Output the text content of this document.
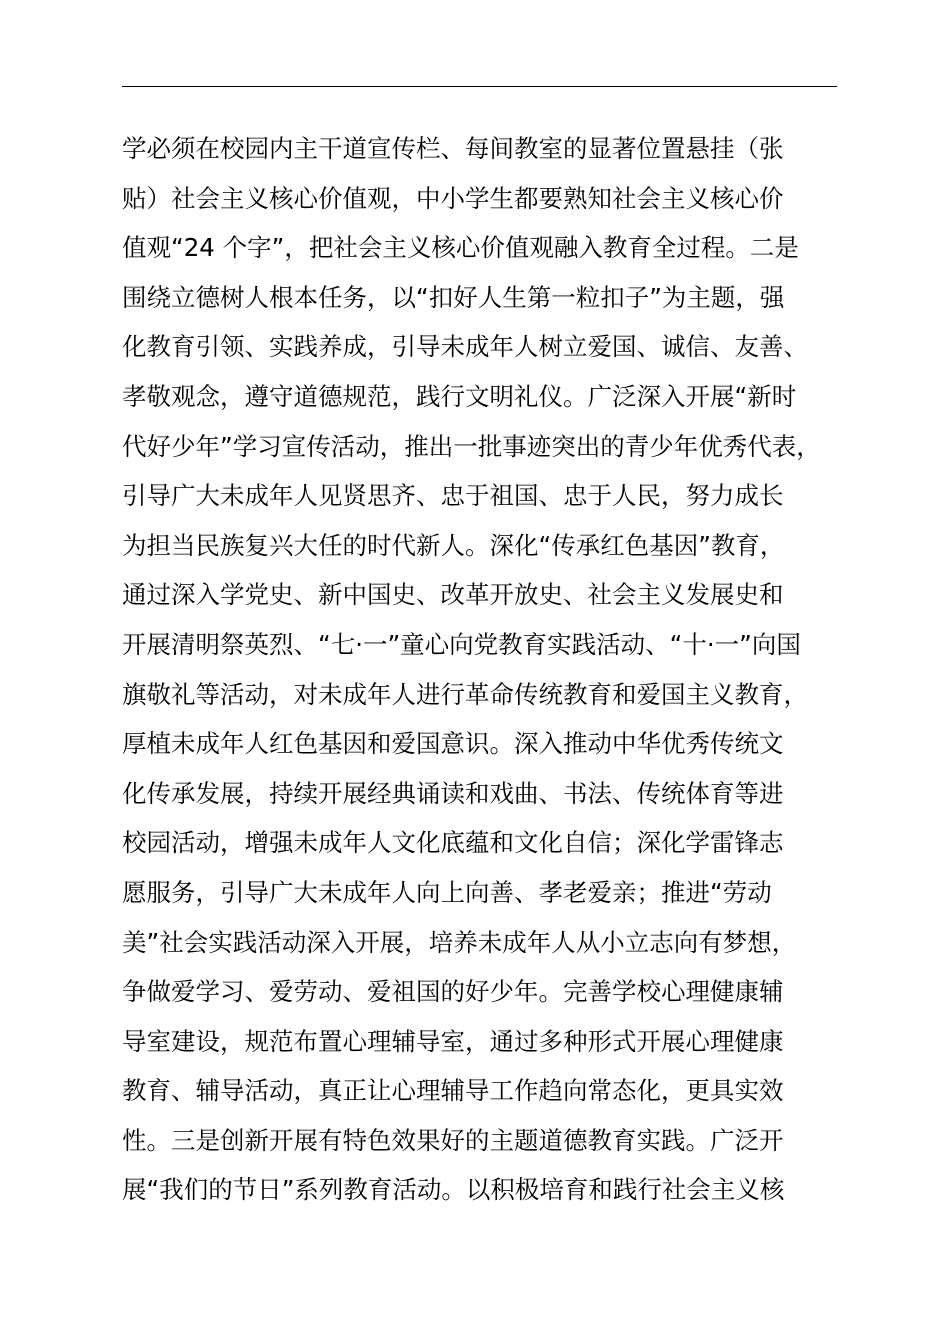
学必须在校园内主干道宣传栏、每间教室的显著位置悬挂（张
贴）社会主义核心价值观，中小学生都要熟知社会主义核心价
值观“24 个字”，把社会主义核心价值观融入教育全过程。二是
围绕立德树人根本任务，以“扣好人生第一粒扣子”为主题，强
化教育引领、实践养成，引导未成年人树立爱国、诚信、友善、
孝敬观念，遵守道德规范，践行文明礼仪。广泛深入开展“新时
代好少年”学习宣传活动，推出一批事迹突出的青少年优秀代表，
引导广大未成年人见贤思齐、忠于祖国、忠于人民，努力成长
为担当民族复兴大任的时代新人。深化“传承红色基因”教育，
通过深入学党史、新中国史、改革开放史、社会主义发展史和
开展清明祭英烈、“七·一”童心向党教育实践活动、“十·一”向国
旗敬礼等活动，对未成年人进行革命传统教育和爱国主义教育，
厚植未成年人红色基因和爱国意识。深入推动中华优秀传统文
化传承发展，持续开展经典诵读和戏曲、书法、传统体育等进
校园活动，增强未成年人文化底蕴和文化自信；深化学雷锋志
愿服务，引导广大未成年人向上向善、孝老爱亲；推进“劳动
美”社会实践活动深入开展，培养未成年人从小立志向有梦想，
争做爱学习、爱劳动、爱祖国的好少年。完善学校心理健康辅
导室建设，规范布置心理辅导室，通过多种形式开展心理健康
教育、辅导活动，真正让心理辅导工作趋向常态化，更具实效
性。三是创新开展有特色效果好的主题道德教育实践。广泛开
展“我们的节日”系列教育活动。以积极培育和践行社会主义核
